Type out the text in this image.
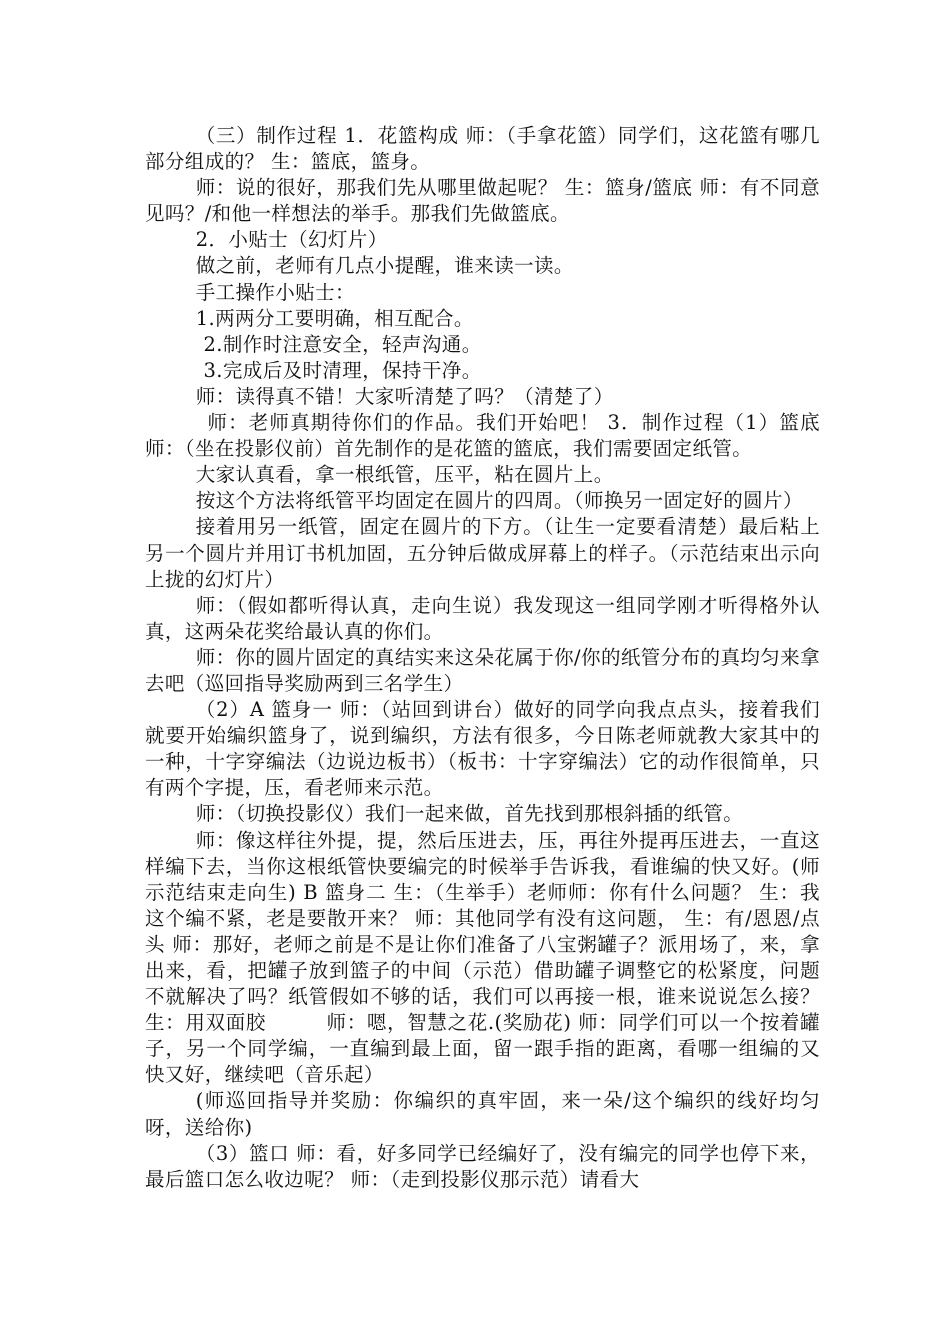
（三）制作过程 1．花篮构成 师：（手拿花篮）同学们，这花篮有哪几部分组成的？ 生：篮底，篮身。

师：说的很好，那我们先从哪里做起呢？ 生：篮身/篮底 师：有不同意见吗？/和他一样想法的举手。那我们先做篮底。

2．小贴士（幻灯片）

做之前，老师有几点小提醒，谁来读一读。

手工操作小贴士：

1.两两分工要明确，相互配合。

2.制作时注意安全，轻声沟通。

3.完成后及时清理，保持干净。

师：读得真不错！大家听清楚了吗？（清楚了）

师：老师真期待你们的作品。我们开始吧！ 3．制作过程（1）篮底 师：（坐在投影仪前）首先制作的是花篮的篮底，我们需要固定纸管。

大家认真看，拿一根纸管，压平，粘在圆片上。

按这个方法将纸管平均固定在圆片的四周。（师换另一固定好的圆片）

接着用另一纸管，固定在圆片的下方。（让生一定要看清楚）最后粘上另一个圆片并用订书机加固，五分钟后做成屏幕上的样子。（示范结束出示向上拢的幻灯片）

师：（假如都听得认真，走向生说）我发现这一组同学刚才听得格外认真，这两朵花奖给最认真的你们。

师：你的圆片固定的真结实来这朵花属于你/你的纸管分布的真均匀来拿去吧（巡回指导奖励两到三名学生）

（2）A 篮身一 师：（站回到讲台）做好的同学向我点点头，接着我们就要开始编织篮身了，说到编织，方法有很多，今日陈老师就教大家其中的一种，十字穿编法（边说边板书）（板书：十字穿编法）它的动作很简单，只有两个字提，压，看老师来示范。

师：（切换投影仪）我们一起来做，首先找到那根斜插的纸管。

师：像这样往外提，提，然后压进去，压，再往外提再压进去，一直这样编下去，当你这根纸管快要编完的时候举手告诉我，看谁编的快又好。(师示范结束走向生) B 篮身二 生：（生举手）老师师：你有什么问题？ 生：我这个编不紧，老是要散开来？ 师：其他同学有没有这问题， 生：有/恩恩/点头 师：那好，老师之前是不是让你们准备了八宝粥罐子？派用场了，来，拿出来，看，把罐子放到篮子的中间（示范）借助罐子调整它的松紧度，问题不就解决了吗？纸管假如不够的话，我们可以再接一根，谁来说说怎么接？ 生：用双面胶　　　师：嗯，智慧之花.(奖励花) 师：同学们可以一个按着罐子，另一个同学编，一直编到最上面，留一跟手指的距离，看哪一组编的又快又好，继续吧（音乐起）

(师巡回指导并奖励：你编织的真牢固，来一朵/这个编织的线好均匀呀，送给你)

（3）篮口 师：看，好多同学已经编好了，没有编完的同学也停下来，最后篮口怎么收边呢？ 师：（走到投影仪那示范）请看大
